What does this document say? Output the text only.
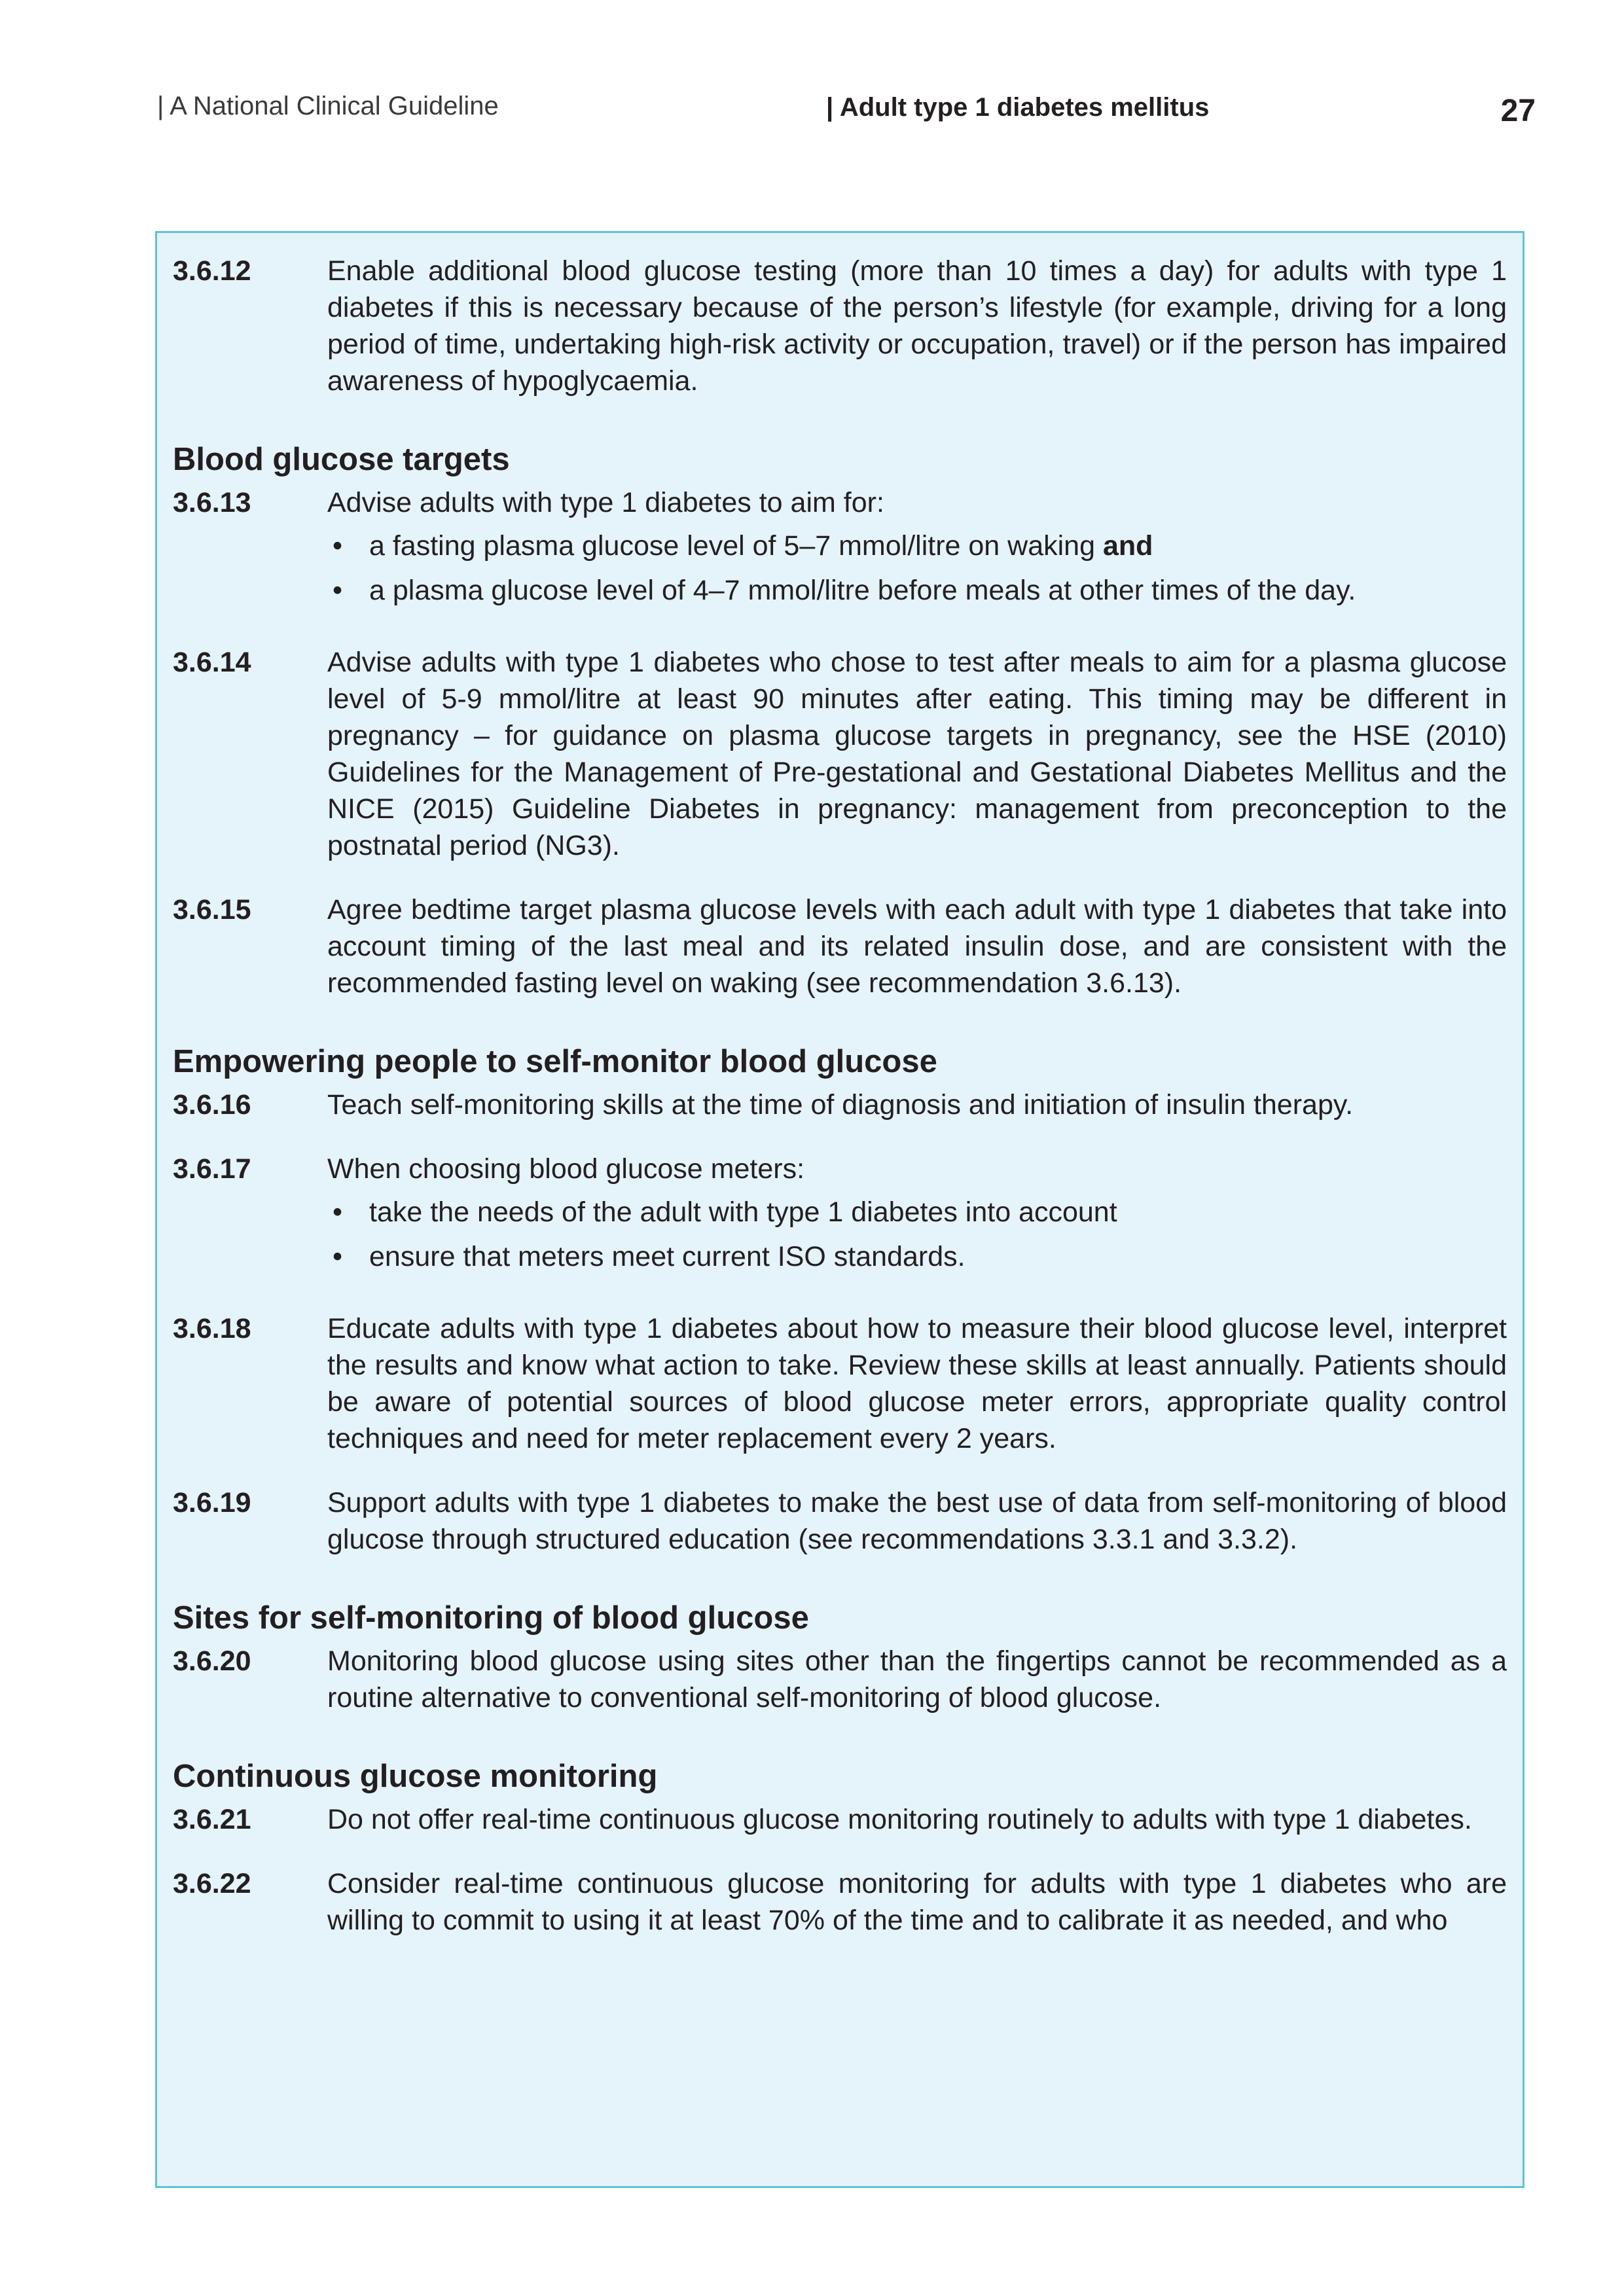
| A National Clinical Guideline	| Adult type 1 diabetes mellitus	27
3.6.12	Enable additional blood glucose testing (more than 10 times a day) for adults with type 1 diabetes if this is necessary because of the person’s lifestyle (for example, driving for a long period of time, undertaking high-risk activity or occupation, travel) or if the person has impaired awareness of hypoglycaemia.
Blood glucose targets
3.6.13	Advise adults with type 1 diabetes to aim for:
• a fasting plasma glucose level of 5–7 mmol/litre on waking and
• a plasma glucose level of 4–7 mmol/litre before meals at other times of the day.
3.6.14	Advise adults with type 1 diabetes who chose to test after meals to aim for a plasma glucose level of 5-9 mmol/litre at least 90 minutes after eating. This timing may be different in pregnancy – for guidance on plasma glucose targets in pregnancy, see the HSE (2010) Guidelines for the Management of Pre-gestational and Gestational Diabetes Mellitus and the NICE (2015) Guideline Diabetes in pregnancy: management from preconception to the postnatal period (NG3).
3.6.15	Agree bedtime target plasma glucose levels with each adult with type 1 diabetes that take into account timing of the last meal and its related insulin dose, and are consistent with the recommended fasting level on waking (see recommendation 3.6.13).
Empowering people to self-monitor blood glucose
3.6.16	Teach self-monitoring skills at the time of diagnosis and initiation of insulin therapy.
3.6.17	When choosing blood glucose meters:
• take the needs of the adult with type 1 diabetes into account
• ensure that meters meet current ISO standards.
3.6.18	Educate adults with type 1 diabetes about how to measure their blood glucose level, interpret the results and know what action to take. Review these skills at least annually. Patients should be aware of potential sources of blood glucose meter errors, appropriate quality control techniques and need for meter replacement every 2 years.
3.6.19	Support adults with type 1 diabetes to make the best use of data from self-monitoring of blood glucose through structured education (see recommendations 3.3.1 and 3.3.2).
Sites for self-monitoring of blood glucose
3.6.20	Monitoring blood glucose using sites other than the fingertips cannot be recommended as a routine alternative to conventional self-monitoring of blood glucose.
Continuous glucose monitoring
3.6.21	Do not offer real-time continuous glucose monitoring routinely to adults with type 1 diabetes.
3.6.22	Consider real-time continuous glucose monitoring for adults with type 1 diabetes who are willing to commit to using it at least 70% of the time and to calibrate it as needed, and who
